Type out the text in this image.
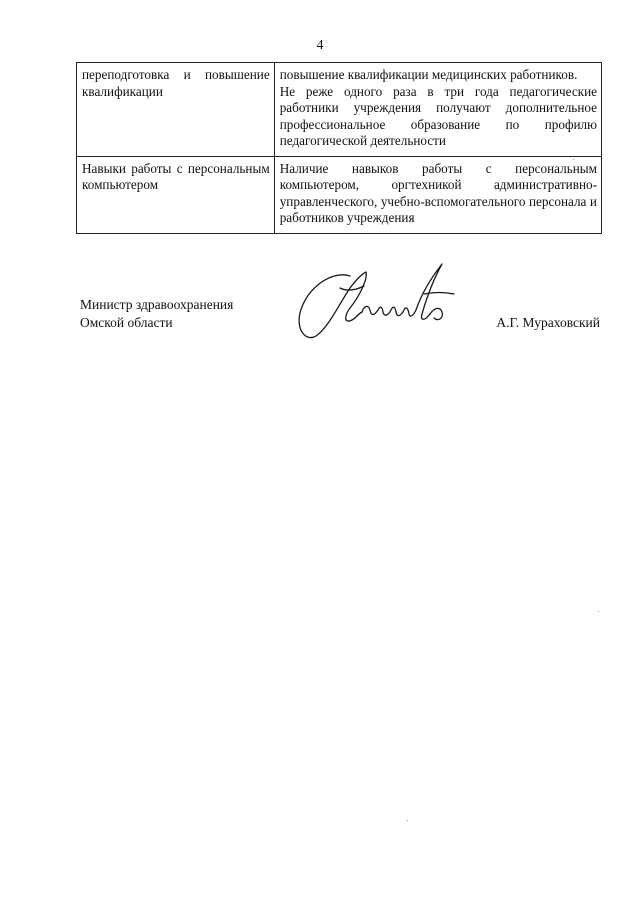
4
переподготовка и повышение квалификации	повышение квалификации медицинских работников.
Не реже одного раза в три года педагогические работники учреждения получают дополнительное профессиональное образование по профилю педагогической деятельности

Навыки работы с персональным компьютером	Наличие навыков работы с персональным компьютером, оргтехникой административно-управленческого, учебно-вспомогательного персонала и работников учреждения
Министр здравоохранения
Омской области	А.Г. Мураховский
